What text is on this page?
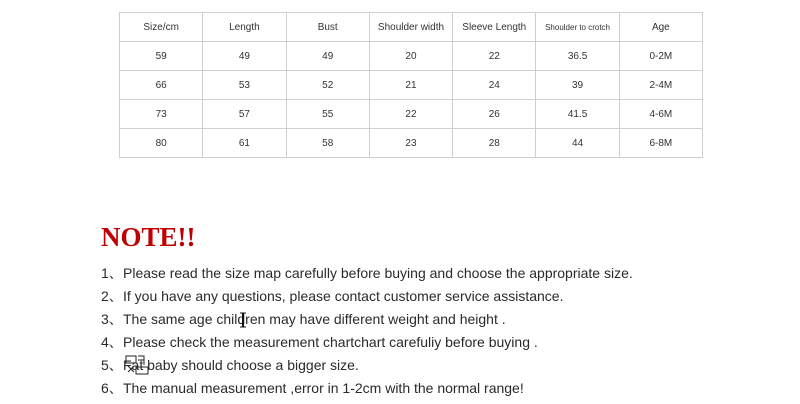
Size/cm	Length	Bust	Shoulder width	Sleeve Length	Shoulder to crotch	Age
59	49	49	20	22	36.5	0-2M
66	53	52	21	24	39	2-4M
73	57	55	22	26	41.5	4-6M
80	61	58	23	28	44	6-8M
NOTE!!
1、Please read the size map carefully before buying and choose the appropriate size.
2、If you have any questions, please contact customer service assistance.
3、The same age children may have different weight and height .
4、Please check the measurement chartchart carefuliy before buying .
5、Fat baby should choose a bigger size.
6、The manual measurement ,error in 1-2cm with the normal range!
